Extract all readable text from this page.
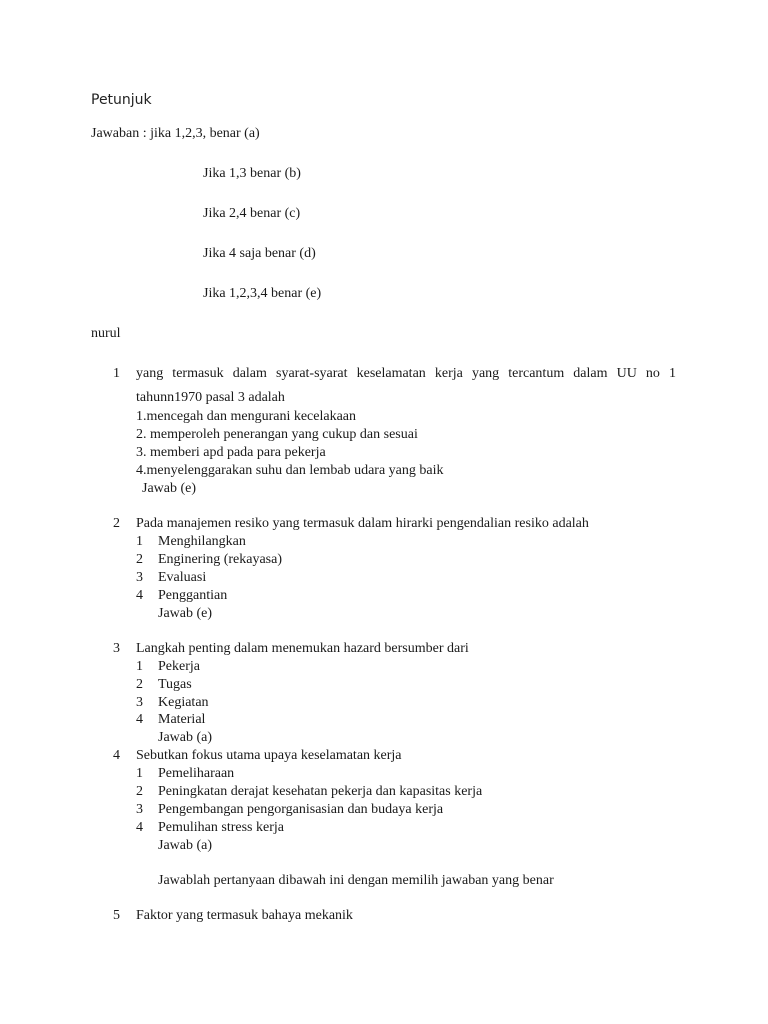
Petunjuk
Jawaban : jika 1,2,3, benar (a)
Jika 1,3 benar (b)
Jika 2,4 benar (c)
Jika 4 saja benar (d)
Jika 1,2,3,4 benar (e)
nurul
1 yang termasuk dalam syarat-syarat keselamatan kerja yang tercantum dalam UU no 1
tahunn1970 pasal 3 adalah
1.mencegah dan mengurani kecelakaan
2. memperoleh penerangan yang cukup dan sesuai
3. memberi apd pada para pekerja
4.menyelenggarakan suhu dan lembab udara yang baik
Jawab (e)
2 Pada manajemen resiko yang termasuk dalam hirarki pengendalian resiko adalah
1 Menghilangkan
2 Enginering (rekayasa)
3 Evaluasi
4 Penggantian
Jawab (e)
3 Langkah penting dalam menemukan hazard bersumber dari
1 Pekerja
2 Tugas
3 Kegiatan
4 Material
Jawab (a)
4 Sebutkan fokus utama upaya keselamatan kerja
1 Pemeliharaan
2 Peningkatan derajat kesehatan pekerja dan kapasitas kerja
3 Pengembangan pengorganisasian dan budaya kerja
4 Pemulihan stress kerja
Jawab (a)
Jawablah pertanyaan dibawah ini dengan memilih jawaban yang benar
5 Faktor yang termasuk bahaya mekanik
